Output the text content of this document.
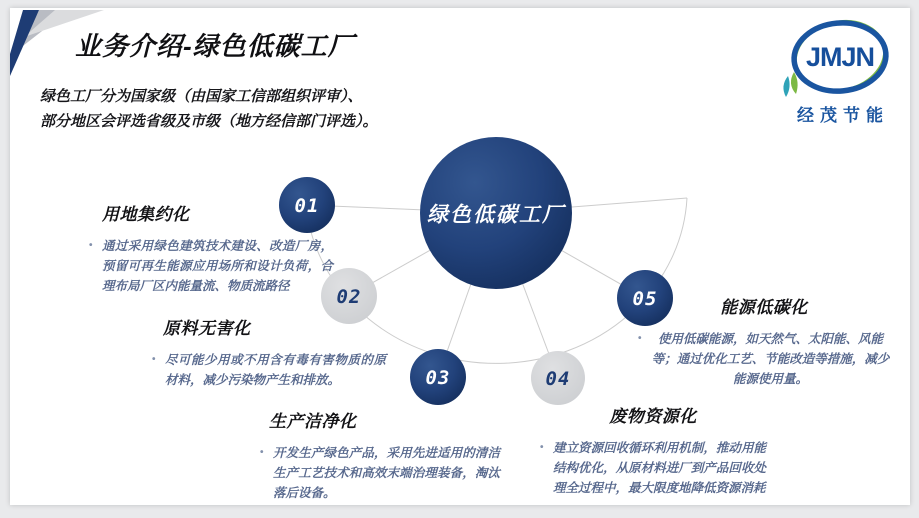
01
02
03	04
05
绿色低碳工厂
业务介绍-绿色低碳工厂
绿色工厂分为国家级（由国家工信部组织评审）、
部分地区会评选省级及市级（地方经信部门评选）。
JMJN
经茂节能
用地集约化
• 通过采用绿色建筑技术建设、改造厂房，预留可再生能源应用场所和设计负荷，合理布局厂区内能量流、物质流路径

原料无害化
• 尽可能少用或不用含有毒有害物质的原材料，减少污染物产生和排放。

生产洁净化
• 开发生产绿色产品，采用先进适用的清洁生产工艺技术和高效末端治理装备，淘汰落后设备。

废物资源化
• 建立资源回收循环利用机制，推动用能结构优化，从原材料进厂到产品回收处理全过程中，最大限度地降低资源消耗

能源低碳化
•	使用低碳能源，如天然气、太阳能、风能等；通过优化工艺、节能改造等措施，减少能源使用量。
